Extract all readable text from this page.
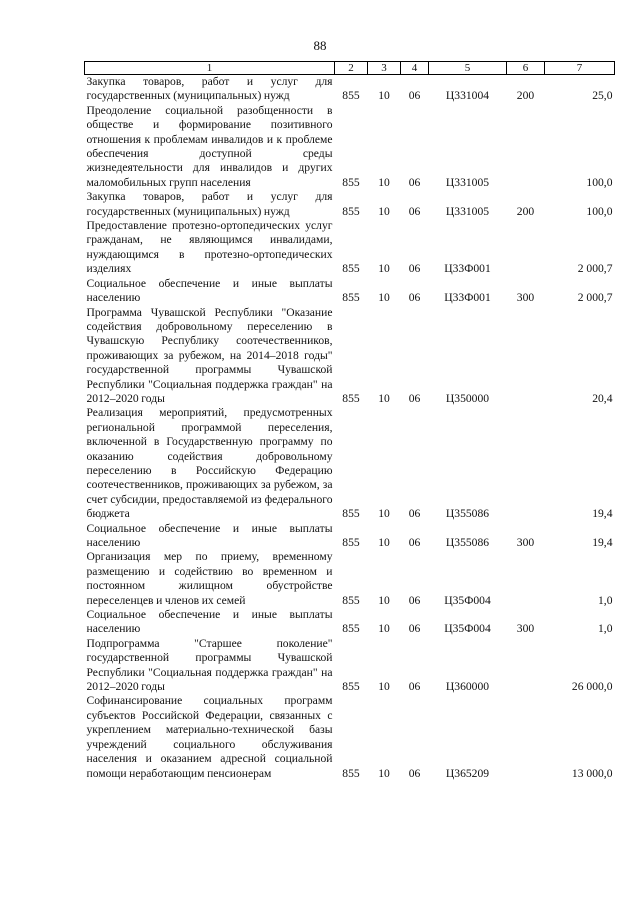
88
1	2	3	4	5	6	7
Закупка товаров, работ и услуг для государственных (муниципальных) нужд	855	10	06	Ц331004	200	25,0
Преодоление социальной разобщенности в обществе и формирование позитивного отношения к проблемам инвалидов и к проблеме обеспечения доступной среды жизнедеятельности для инвалидов и других маломобильных групп населения	855	10	06	Ц331005		100,0
Закупка товаров, работ и услуг для государственных (муниципальных) нужд	855	10	06	Ц331005	200	100,0
Предоставление протезно-ортопедических услуг гражданам, не являющимся инвалидами, нуждающимся в протезно-ортопедических изделиях	855	10	06	Ц33Ф001		2 000,7
Социальное обеспечение и иные выплаты населению	855	10	06	Ц33Ф001	300	2 000,7
Программа Чувашской Республики "Оказание содействия добровольному переселению в Чувашскую Республику соотечественников, проживающих за рубежом, на 2014–2018 годы" государственной программы Чувашской Республики "Социальная поддержка граждан" на 2012–2020 годы	855	10	06	Ц350000		20,4
Реализация мероприятий, предусмотренных региональной программой переселения, включенной в Государственную программу по оказанию содействия добровольному переселению в Российскую Федерацию соотечественников, проживающих за рубежом, за счет субсидии, предоставляемой из федерального бюджета	855	10	06	Ц355086		19,4
Социальное обеспечение и иные выплаты населению	855	10	06	Ц355086	300	19,4
Организация мер по приему, временному размещению и содействию во временном и постоянном жилищном обустройстве переселенцев и членов их семей	855	10	06	Ц35Ф004		1,0
Социальное обеспечение и иные выплаты населению	855	10	06	Ц35Ф004	300	1,0
Подпрограмма "Старшее поколение" государственной программы Чувашской Республики "Социальная поддержка граждан" на 2012–2020 годы	855	10	06	Ц360000		26 000,0
Софинансирование социальных программ субъектов Российской Федерации, связанных с укреплением материально-технической базы учреждений социального обслуживания населения и оказанием адресной социальной помощи неработающим пенсионерам	855	10	06	Ц365209		13 000,0
